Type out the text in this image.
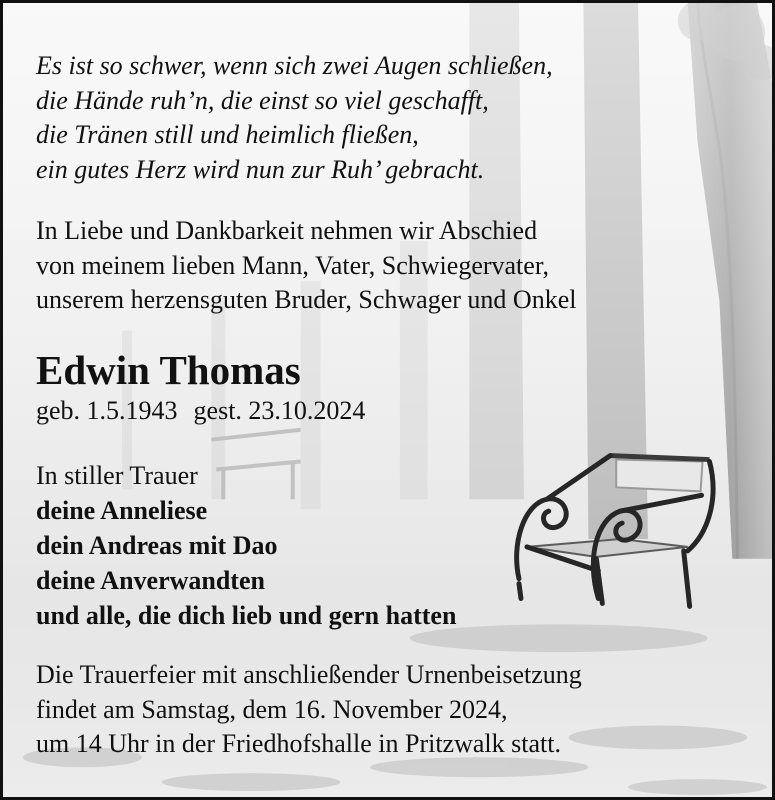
Es ist so schwer, wenn sich zwei Augen schließen,
die Hände ruh’n, die einst so viel geschafft,
die Tränen still und heimlich fließen,
ein gutes Herz wird nun zur Ruh’ gebracht.
In Liebe und Dankbarkeit nehmen wir Abschied
von meinem lieben Mann, Vater, Schwiegervater,
unserem herzensguten Bruder, Schwager und Onkel
Edwin Thomas
geb. 1.5.1943 gest. 23.10.2024
In stiller Trauer
deine Anneliese
dein Andreas mit Dao
deine Anverwandten
und alle, die dich lieb und gern hatten
Die Trauerfeier mit anschließender Urnenbeisetzung
findet am Samstag, dem 16. November 2024,
um 14 Uhr in der Friedhofshalle in Pritzwalk statt.
